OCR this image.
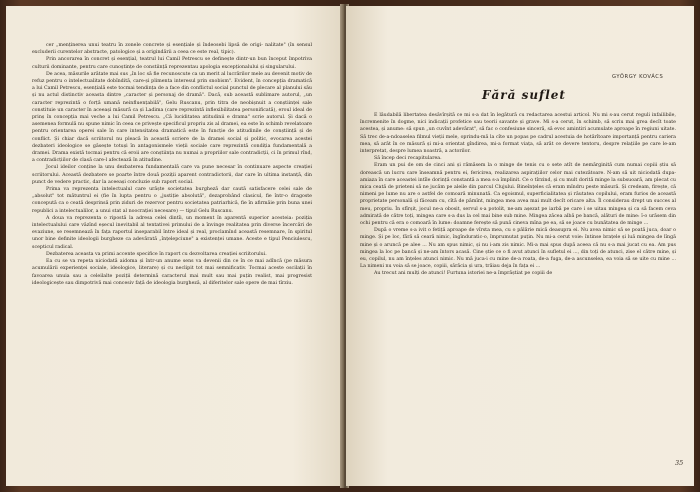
cer „menținerea unui teatru în zonele concrete și esențiale și îndeosebi lipsă de origi- nalitate" (în sensul excluderii curentelor abstracte, patologice și a origindării a ceea ce este real, tipic).

Prin ancorarea în concret și esențial, teatrul lui Camil Petrescu se definește dintr-un bun început împotriva culturii dominante, pentru care cunoștințe de constiință reprezentau apologia excepționalului și singularului.

De acea, măsurile arătate mai sus „în loc să fie recunoscute ca un merit al lucrărilor mele au devenit motiv de refuz pentru o intelectualitate dobîndită, care-și plimenta interesul prin snobism". Evident, în concepția dramatică a lui Camil Petrescu, esențială este tocmai tendința de a face din conflictul social punctul de plecare al planului său și nu actul distinctiv aceasta dintre „caracter și personaj de dramă". Dacă, sub această sublimare autorul, „un caracter reprezintă o forță umană neinfluențabilă", Gelu Ruscanu, prin titra de neobișnuit a conștiinței sale constituie un caracter în aceeași măsură ca și Ladima (care reprezintă inflexibilitatea personificată), eroul ideal de prinș în concepția mai veche a lui Camil Petrescu. „Că luciditatea atitudinii e drama" scrie autorul. Și dacă o asemenea formulă nu spune nimic în ceea ce privește specificul propriu zis al dramei, ea este în schimb revelatoare pentru orientarea operei sale în care intensitatea dramatică este în funcție de atitudinile de conștiință și de conflict. Și chiar dacă scriitorul nu pleacă în această scriere de la dramei social și politic, evocarea acestei dezbateri ideologice se găsește totuși în antagonismele vieții sociale care reprezintă condiția fundamentală a dramei. Drama există tocmai pentru că eroii are conștiința nu numai a propriilor sale contradicții, ci în primul rînd, a contradicțiilor de clasă care-l afectează în atitudine.

Jocul ideilor conține la unu dezbaterea fundamentală care va pune necesar în continuare aspecte creației scriitorului. Această dezbatere se poarte între două poziții aparent contradictorii, dar care în ultima instanță, din punct de vedere practic, dar la aceeași concluzie sub raport social.

Prima va reprezenta intelectualul care urăște societatea burgheză dar caută satisfacere celei sale de „absolut" tot mătuntrul ei (fie în lupta pentru o „justiție absolută", dezaprobând clasicul, fie într-o dragoste concepută ca o ceată desprinsă prin ziduri de rezervor pentru societatea patriarhică, fie în afirmăie prin buna unei republici a intelectualilor, a unui stat al noocrației necesare) — tipul Gelu Ruscanu.

A doua va reprezenta o ripostă la adresa celei dintîi, un moment în aparentă superior acesteia: poziția intelectualului care văzînd eșecul inevitabil al tentativei primului de a învinge realitatea prin diverse încercări de evaziune, se resemnează în fața raportul inseparabil între ideal și real, proclamînd această resemnare, în spiritul unor bine definite ideologii burgheze ca adevărată „înțelepciune" a existenței umane. Aceste e tipul Penciulescu, scepticul radical.

Dezbaterea aceasta va primi accente specifice în raport cu dezvoltarea creației scriitorului.

Ea cu se va repeta niciodată aidoma și într-un anume sens va devenii din ce în ce mai adîncă (pe măsura acumulării experienței sociale, ideologice, literare) și cu neclipit tot mai semnificativ. Tocmai aceste oscilații în favoarea unuia sau a celeilalte poziții determină caracterul mai mult sau mai puțin realist, mai progresist ideologicește sau dimpotrivă mai concesiv față de ideologia burgheză, al diferitelor sale opere de mai tîrziu.

GYÖRGY KOVÁCS
Fără suflet

E lăudabilă libertatea desăvîrșită ce mi s-a dat în legătură cu redactarea acestui articol. Nu mi s-au cerut reguli infailibile, încremenite în dogme, nici indicații profetice sau teorii savante și grave. Mi s-a cerut, în schimb, să scriu mai grea decît toate acestea, și anume: să spun „un cuvînt adevărat", să fac o confesiune sinceră, să evoc amintiri acumulate aproape în regiuni uitate. Să trec de-a-ndoaselea filmul vieții mele, oprindu-mă la cîte un popas pe cadrul acestuia de hotărîtoare importanță pentru cariera mea, să arăt în ce măsură și mi-a orientat gîndirea, mi-a format viața, să arăt ce devere tentoru, despre relațiile pe care le-am interpretat, despre lumea noastră, a actorilor.

Să încep deci recapitularea.

Eram un pui de om de cinci ani și rămăsem la o minge de tenis cu o sete atît de nemărginită cum numai copiii știu să dorească un lucru care înseamnă pentru ei, fericirea, realizarea aspirațiilor celor mai cutezătoare. N-am să uit niciodată dupa-amiaza în care aceastei intîle dorință constantă a mea s-a împlinit. Ce o tîrzind, și cu mult dorită minge la subsuoară, am plecat cu mica ceată de prieteni să ne jucăm pe aleile din parcul Clujului. Bineînțeles că eram mîndru peste măsură. Și credeam, firește, că nimeni pe lume nu are o astfel de comoară minunată. Ca egoismul, superficialitatea și răutatea copilului, eram furios de această proprietate personală și făceam cu, cîtă de pămînt, mingea mea avea mai mult decît oricare alta. Îl considerau drept un succes al meu, propriu. În sfîrșit, jocul ne-a obosit, servul s-a potolit, ne-am așezat pe iarbă pe care i se uitau mingea și ca să facem ceva admirată de către toți, mingea care s-a dus la cel mai bine sub mine. Mingea zăcea albă pe bancă, alături de mine: î-o urăsem din ochi pentru că era o comoară în lume: doamne ferește să pună cineva mîna pe ea, să se joace cu bunătatea de minge ...

După o vreme s-a ivit o fetiță aproape de vîrsta mea, cu o pălărie mică deasupra ei. Nu avea nimic să se poată juca, doar o minge. Și pe loc, fără să ceară nimic, îngînduratic-o, împrumutat puțin. Nu mi-a cerut voie: întinse brațele și luă mingea de lîngă mine și o aruncă pe alee ... Nu am spus nimic, și nu i-am zis nimic. Mi-a mai spus după aceea că nu s-a mai jucat cu ea. Am pus mingea la loc pe bancă și ne-am întors acasă. Cine știe ce o fi avut atunci în sufletul ei ..., din toți de atunci, zise el către mine, și eu, copilul, nu am înțeles atunci nimic. Nu mă juca-i cu mine de-a roata, de-a fuga, de-a ascunselea, ea voia să se uite cu mine ... La nimeni nu voia să se joace, copiii, sărăcia și ura, trăiau deja în fața ei ...

Au trecut ani mulți de atunci! Furtuna istoriei ne-a împrăștiat pe copiii de

35
